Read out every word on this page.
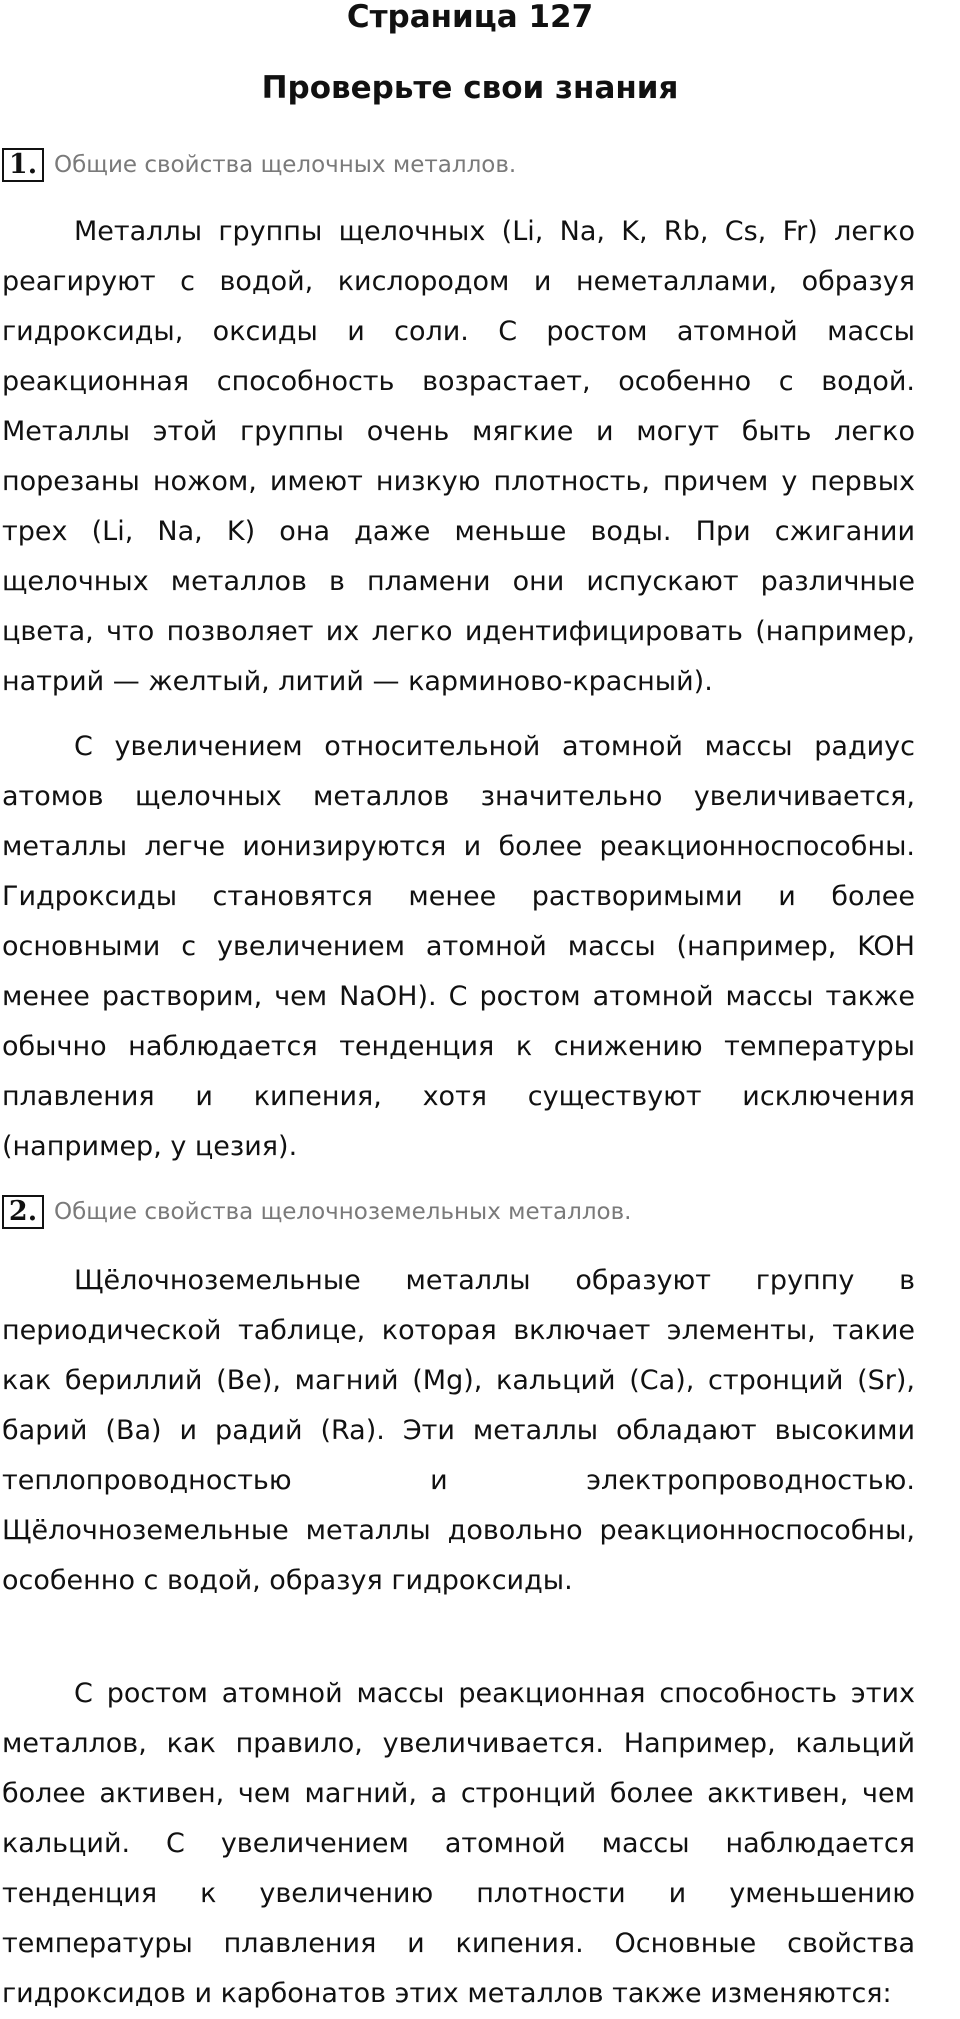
Страница 127
Проверьте свои знания
1. Общие свойства щелочных металлов.

Металлы группы щелочных (Li, Na, K, Rb, Cs, Fr) легко реагируют с водой, кислородом и неметаллами, образуя гидроксиды, оксиды и соли. С ростом атомной массы реакционная способность возрастает, особенно с водой. Металлы этой группы очень мягкие и могут быть легко порезаны ножом, имеют низкую плотность, причем у первых трех (Li, Na, K) она даже меньше воды. При сжигании щелочных металлов в пламени они испускают различные цвета, что позволяет их легко идентифицировать (например, натрий — желтый, литий — карминово-красный).

С увеличением относительной атомной массы радиус атомов щелочных металлов значительно увеличивается, металлы легче ионизируются и более реакционноспособны. Гидроксиды становятся менее растворимыми и более основными с увеличением атомной массы (например, KOH менее растворим, чем NaOH). С ростом атомной массы также обычно наблюдается тенденция к снижению температуры плавления и кипения, хотя существуют исключения (например, у цезия).

2. Общие свойства щелочноземельных металлов.

Щёлочноземельные металлы образуют группу в периодической таблице, которая включает элементы, такие как бериллий (Be), магний (Mg), кальций (Ca), стронций (Sr), барий (Ba) и радий (Ra). Эти металлы обладают высокими теплопроводностью и электропроводностью. Щёлочноземельные металлы довольно реакционноспособны, особенно с водой, образуя гидроксиды.

С ростом атомной массы реакционная способность этих металлов, как правило, увеличивается. Например, кальций более активен, чем магний, а стронций более акктивен, чем кальций. С увеличением атомной массы наблюдается тенденция к увеличению плотности и уменьшению температуры плавления и кипения. Основные свойства гидроксидов и карбонатов этих металлов также изменяются:
